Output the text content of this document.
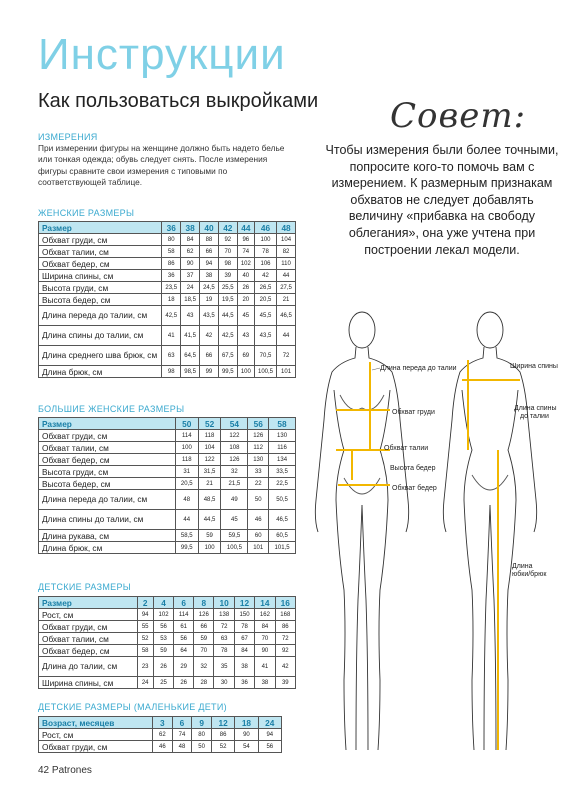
Инструкции
Как пользоваться выкройками
ИЗМЕРЕНИЯ
При измерении фигуры на женщине должно быть надето белье или тонкая одежда; обувь следует снять. После измерения фигуры сравните свои измерения с типовыми по соответствующей таблице.
ЖЕНСКИЕ РАЗМЕРЫ
Размер	36	38	40	42	44	46	48
Обхват груди, см	80	84	88	92	96	100	104
Обхват талии, см	58	62	66	70	74	78	82
Обхват бедер, см	86	90	94	98	102	106	110
Ширина спины, см	36	37	38	39	40	42	44
Высота груди, см	23,5	24	24,5	25,5	26	26,5	27,5
Высота бедер, см	18	18,5	19	19,5	20	20,5	21
Длина переда до талии, см	42,5	43	43,5	44,5	45	45,5	46,5
Длина спины до талии, см	41	41,5	42	42,5	43	43,5	44
Длина среднего шва брюк, см	63	64,5	66	67,5	69	70,5	72
Длина брюк, см	98	98,5	99	99,5	100	100,5	101
БОЛЬШИЕ ЖЕНСКИЕ РАЗМЕРЫ
Размер	50	52	54	56	58
Обхват груди, см	114	118	122	126	130
Обхват талии, см	100	104	108	112	116
Обхват бедер, см	118	122	126	130	134
Высота груди, см	31	31,5	32	33	33,5
Высота бедер, см	20,5	21	21,5	22	22,5
Длина переда до талии, см	48	48,5	49	50	50,5
Длина спины до талии, см	44	44,5	45	46	46,5
Длина рукава, см	58,5	59	59,5	60	60,5
Длина брюк, см	99,5	100	100,5	101	101,5
ДЕТСКИЕ РАЗМЕРЫ
Размер	2	4	6	8	10	12	14	16
Рост, см	94	102	114	126	138	150	162	168
Обхват груди, см	55	56	61	66	72	78	84	86
Обхват талии, см	52	53	56	59	63	67	70	72
Обхват бедер, см	58	59	64	70	78	84	90	92
Длина до талии, см	23	26	29	32	35	38	41	42
Ширина спины, см	24	25	26	28	30	36	38	39
ДЕТСКИЕ РАЗМЕРЫ (МАЛЕНЬКИЕ ДЕТИ)
Возраст, месяцев	3	6	9	12	18	24
Рост, см	62	74	80	86	90	94
Обхват груди, см	46	48	50	52	54	56
Совет:
Чтобы измерения были более точными, попросите кого-то помочь вам с измерением. К размерным признакам обхватов не следует добавлять величину «прибавка на свободу облегания», она уже учтена при построении лекал модели.
Длина переда до талии
Обхват груди
Обхват талии
Высота бедер
Обхват бедер
Ширина спины
Длина спины
до талии
Длина
юбки/брюк
42 Patrones
